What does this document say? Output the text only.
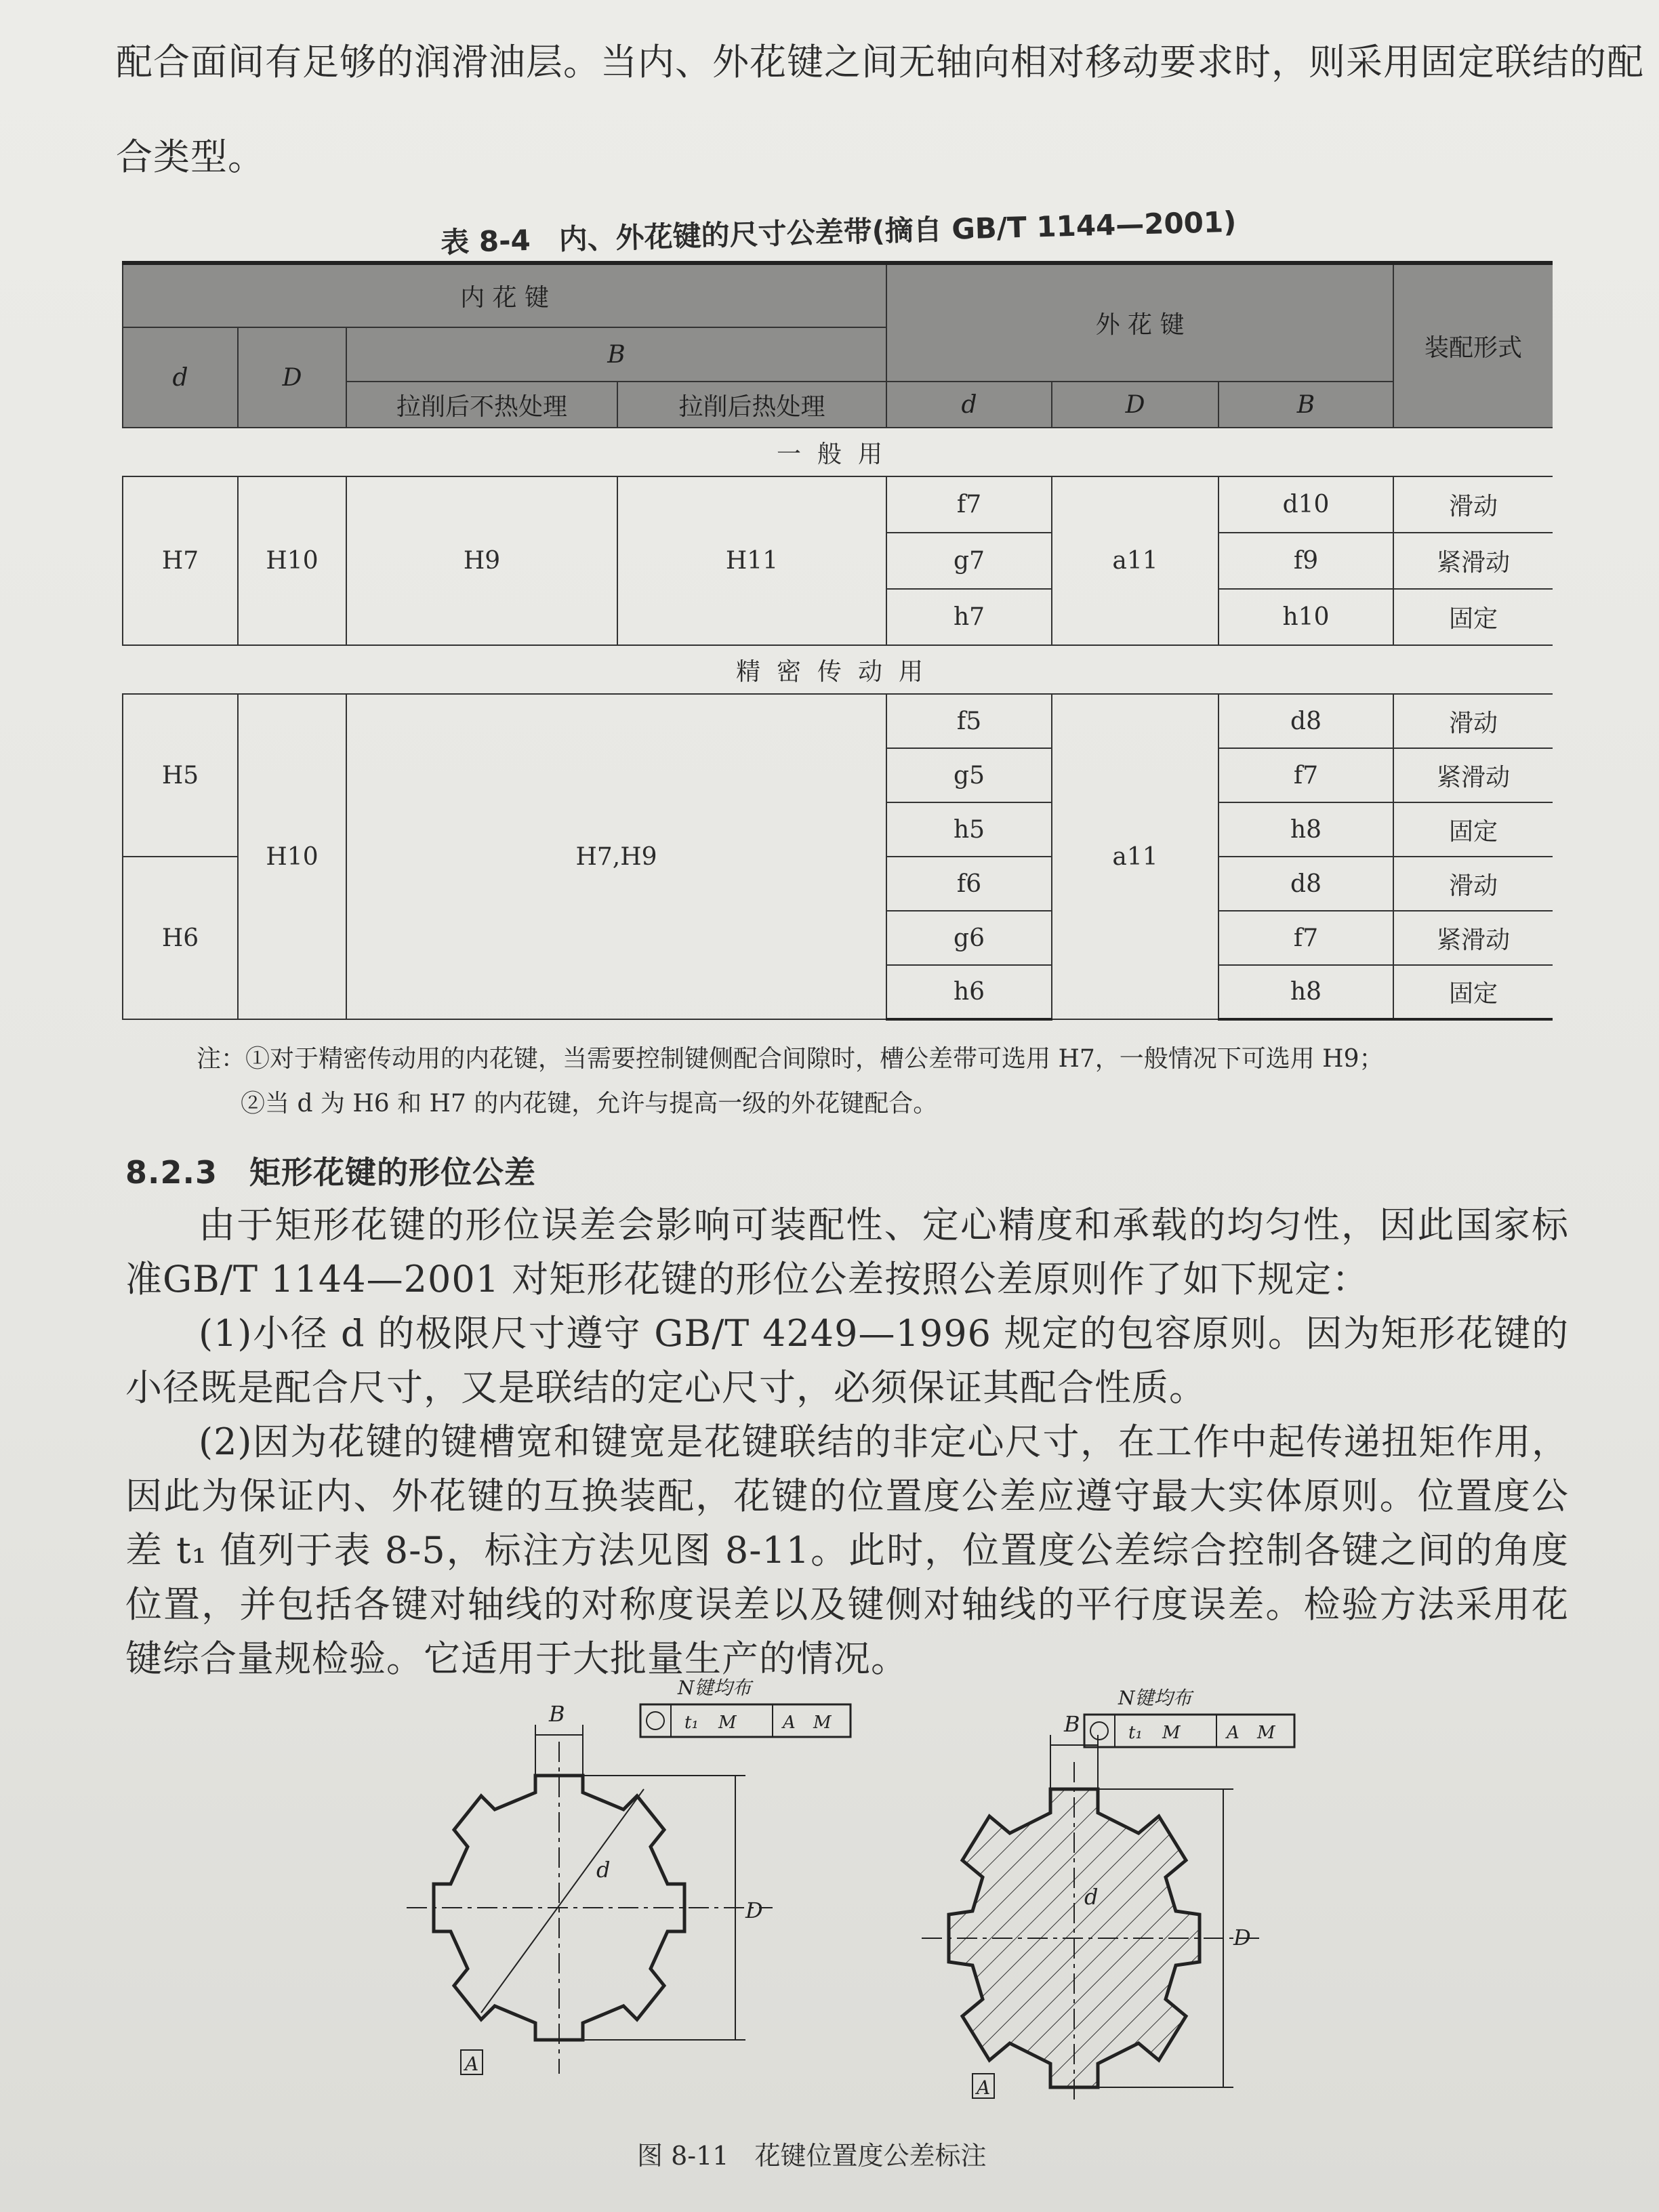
配合面间有足够的润滑油层。当内、外花键之间无轴向相对移动要求时，则采用固定联结的配
合类型。
表 8-4　内、外花键的尺寸公差带(摘自 GB/T 1144—2001)
内 花 键				外 花 键			装配形式
d	D	B					
		拉削后不热处理	拉削后热处理	d	D	B	
一般用							
H7	H10	H9	H11	f7	a11	d10	滑动
				g7		f9	紧滑动
				h7		h10	固定
精密传动用							
H5	H10	H7,H9		f5	a11	d8	滑动
				g5		f7	紧滑动
				h5		h8	固定
H6				f6		d8	滑动
				g6		f7	紧滑动
				h6		h8	固定
注：①对于精密传动用的内花键，当需要控制键侧配合间隙时，槽公差带可选用 H7，一般情况下可选用 H9；
②当 d 为 H6 和 H7 的内花键，允许与提高一级的外花键配合。
8.2.3　矩形花键的形位公差
由于矩形花键的形位误差会影响可装配性、定心精度和承载的均匀性，因此国家标准GB/T 1144—2001 对矩形花键的形位公差按照公差原则作了如下规定：
(1)小径 d 的极限尺寸遵守 GB/T 4249—1996 规定的包容原则。因为矩形花键的小径既是配合尺寸，又是联结的定心尺寸，必须保证其配合性质。
(2)因为花键的键槽宽和键宽是花键联结的非定心尺寸，在工作中起传递扭矩作用，因此为保证内、外花键的互换装配，花键的位置度公差应遵守最大实体原则。位置度公差 t₁ 值列于表 8-5，标注方法见图 8-11。此时，位置度公差综合控制各键之间的角度位置，并包括各键对轴线的对称度误差以及键侧对轴线的平行度误差。检验方法采用花键综合量规检验。它适用于大批量生产的情况。
B
d
D
N键均布
t₁ M	A M
A
B
d
D
N键均布
t₁ M	A M
A
图 8-11　花键位置度公差标注
